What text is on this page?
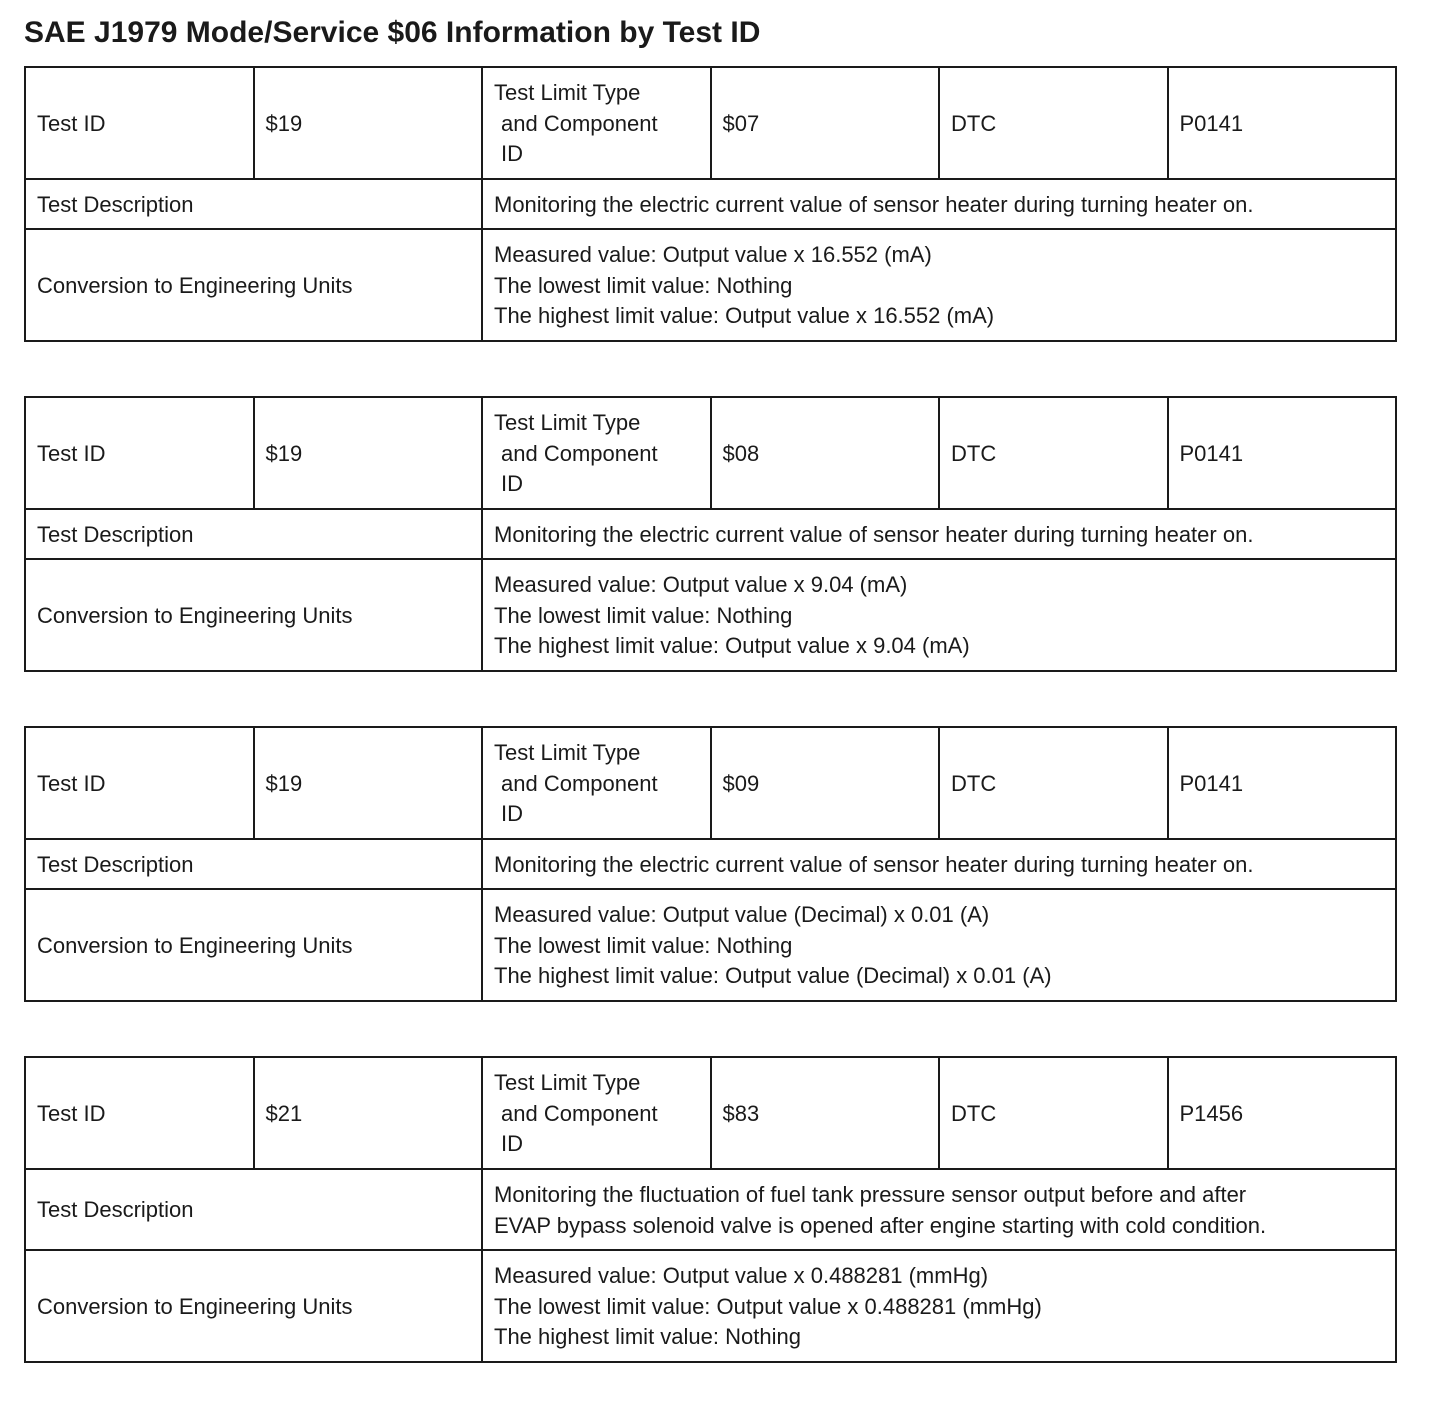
SAE J1979 Mode/Service $06 Information by Test ID
Test ID	$19	Test Limit Type
and Component
ID	$07	DTC	P0141
Test Description		Monitoring the electric current value of sensor heater during turning heater on.			

Conversion to Engineering Units		Measured value: Output value x 16.552 (mA)
The lowest limit value: Nothing
The highest limit value: Output value x 16.552 (mA)			
Test ID	$19	Test Limit Type
and Component
ID	$08	DTC	P0141
Test Description		Monitoring the electric current value of sensor heater during turning heater on.			

Conversion to Engineering Units		Measured value: Output value x 9.04 (mA)
The lowest limit value: Nothing
The highest limit value: Output value x 9.04 (mA)			
Test ID	$19	Test Limit Type
and Component
ID	$09	DTC	P0141
Test Description		Monitoring the electric current value of sensor heater during turning heater on.			

Conversion to Engineering Units		Measured value: Output value (Decimal) x 0.01 (A)
The lowest limit value: Nothing
The highest limit value: Output value (Decimal) x 0.01 (A)			
Test ID	$21	Test Limit Type
and Component
ID	$83	DTC	P1456
Test Description		Monitoring the fluctuation of fuel tank pressure sensor output before and after
EVAP bypass solenoid valve is opened after engine starting with cold condition.			

Conversion to Engineering Units		Measured value: Output value x 0.488281 (mmHg)
The lowest limit value: Output value x 0.488281 (mmHg)
The highest limit value: Nothing			
